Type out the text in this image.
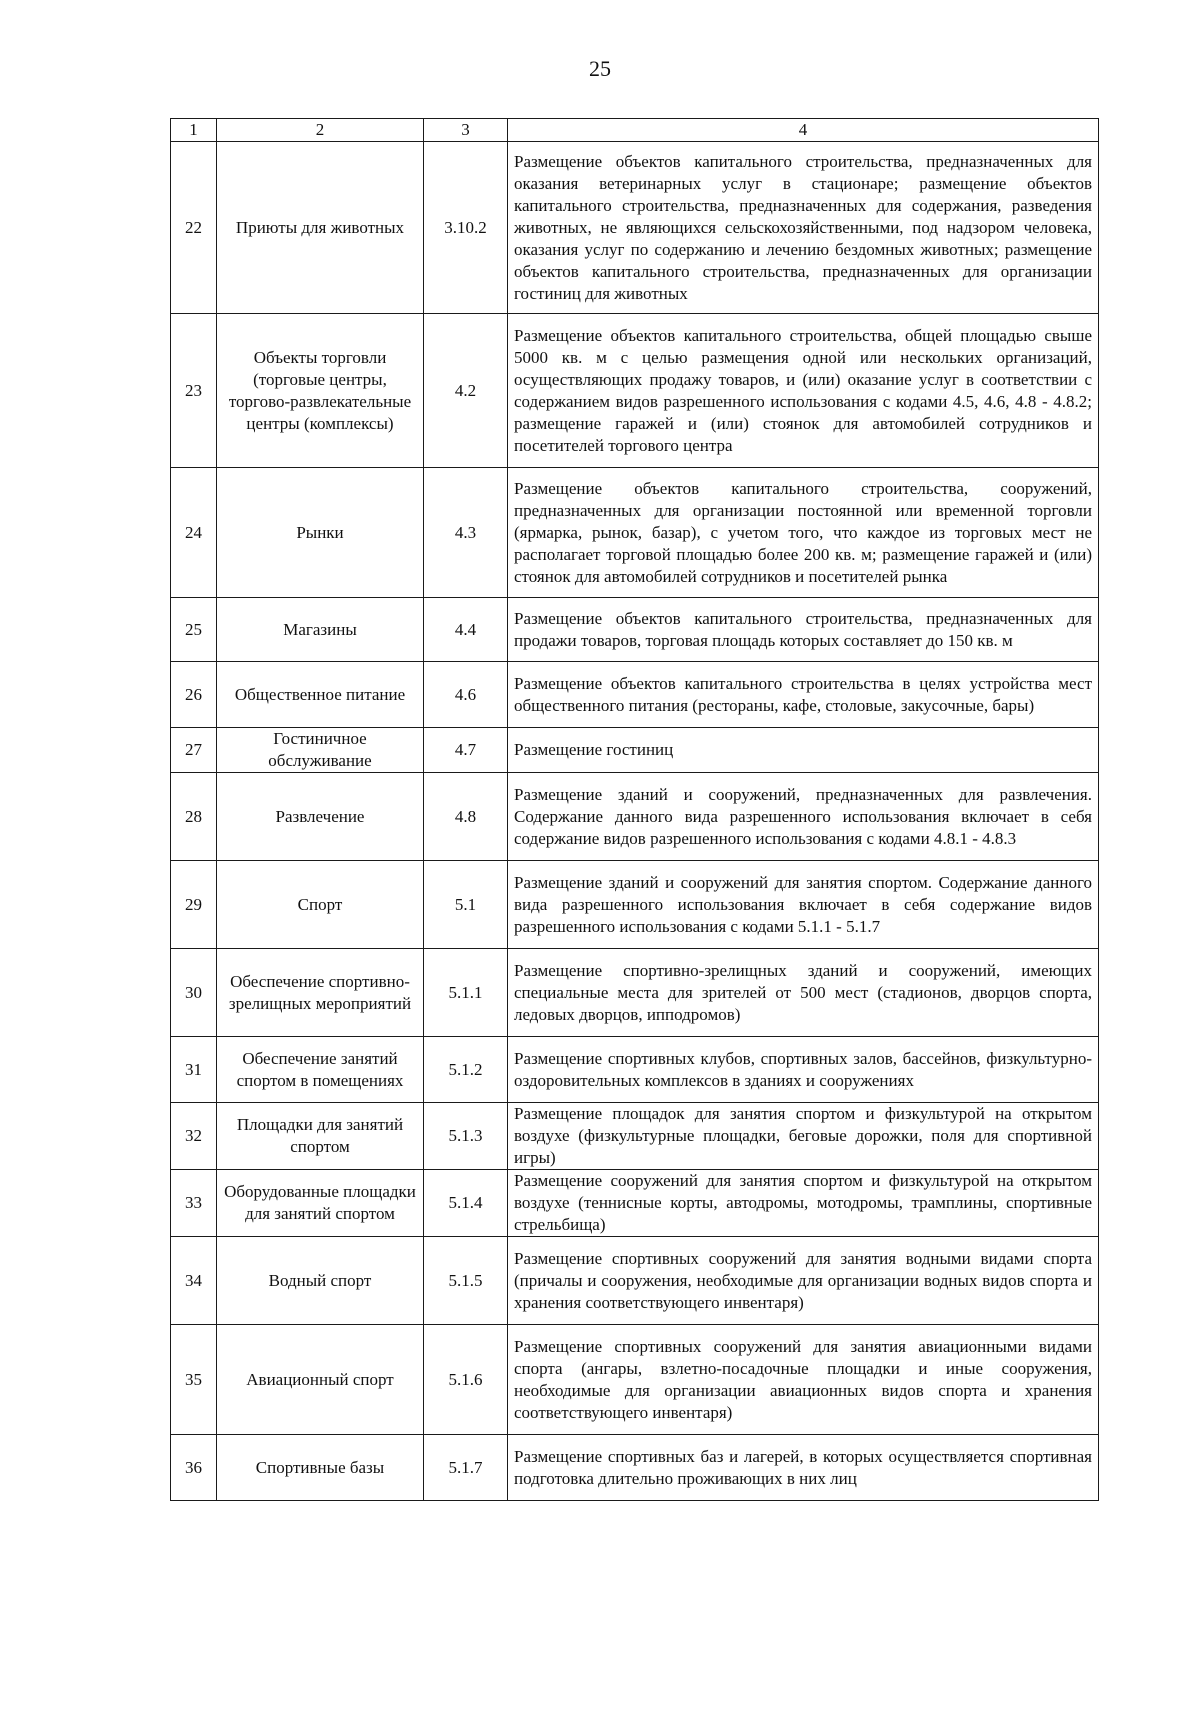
25
1	2	3	4
22	Приюты для животных	3.10.2	Размещение объектов капитального строительства, предназначенных для оказания ветеринарных услуг в стационаре; размещение объектов капитального строительства, предназначенных для содержания, разведения животных, не являющихся сельскохозяйственными, под надзором человека, оказания услуг по содержанию и лечению бездомных животных; размещение объектов капитального строительства, предназначенных для организации гостиниц для животных
23	Объекты торговли (торговые центры, торгово-развлекательные центры (комплексы)	4.2	Размещение объектов капитального строительства, общей площадью свыше 5000 кв. м с целью размещения одной или нескольких организаций, осуществляющих продажу товаров, и (или) оказание услуг в соответствии с содержанием видов разрешенного использования с кодами 4.5, 4.6, 4.8 - 4.8.2; размещение гаражей и (или) стоянок для автомобилей сотрудников и посетителей торгового центра
24	Рынки	4.3	Размещение объектов капитального строительства, сооружений, предназначенных для организации постоянной или временной торговли (ярмарка, рынок, базар), с учетом того, что каждое из торговых мест не располагает торговой площадью более 200 кв. м; размещение гаражей и (или) стоянок для автомобилей сотрудников и посетителей рынка
25	Магазины	4.4	Размещение объектов капитального строительства, предназначенных для продажи товаров, торговая площадь которых составляет до 150 кв. м
26	Общественное питание	4.6	Размещение объектов капитального строительства в целях устройства мест общественного питания (рестораны, кафе, столовые, закусочные, бары)
27	Гостиничное обслуживание	4.7	Размещение гостиниц
28	Развлечение	4.8	Размещение зданий и сооружений, предназначенных для развлечения. Содержание данного вида разрешенного использования включает в себя содержание видов разрешенного использования с кодами 4.8.1 - 4.8.3
29	Спорт	5.1	Размещение зданий и сооружений для занятия спортом. Содержание данного вида разрешенного использования включает в себя содержание видов разрешенного использования с кодами 5.1.1 - 5.1.7
30	Обеспечение спортивно-зрелищных мероприятий	5.1.1	Размещение спортивно-зрелищных зданий и сооружений, имеющих специальные места для зрителей от 500 мест (стадионов, дворцов спорта, ледовых дворцов, ипподромов)
31	Обеспечение занятий спортом в помещениях	5.1.2	Размещение спортивных клубов, спортивных залов, бассейнов, физкультурно-оздоровительных комплексов в зданиях и сооружениях
32	Площадки для занятий спортом	5.1.3	Размещение площадок для занятия спортом и физкультурой на открытом воздухе (физкультурные площадки, беговые дорожки, поля для спортивной игры)
33	Оборудованные площадки для занятий спортом	5.1.4	Размещение сооружений для занятия спортом и физкультурой на открытом воздухе (теннисные корты, автодромы, мотодромы, трамплины, спортивные стрельбища)
34	Водный спорт	5.1.5	Размещение спортивных сооружений для занятия водными видами спорта (причалы и сооружения, необходимые для организации водных видов спорта и хранения соответствующего инвентаря)
35	Авиационный спорт	5.1.6	Размещение спортивных сооружений для занятия авиационными видами спорта (ангары, взлетно-посадочные площадки и иные сооружения, необходимые для организации авиационных видов спорта и хранения соответствующего инвентаря)
36	Спортивные базы	5.1.7	Размещение спортивных баз и лагерей, в которых осуществляется спортивная подготовка длительно проживающих в них лиц
